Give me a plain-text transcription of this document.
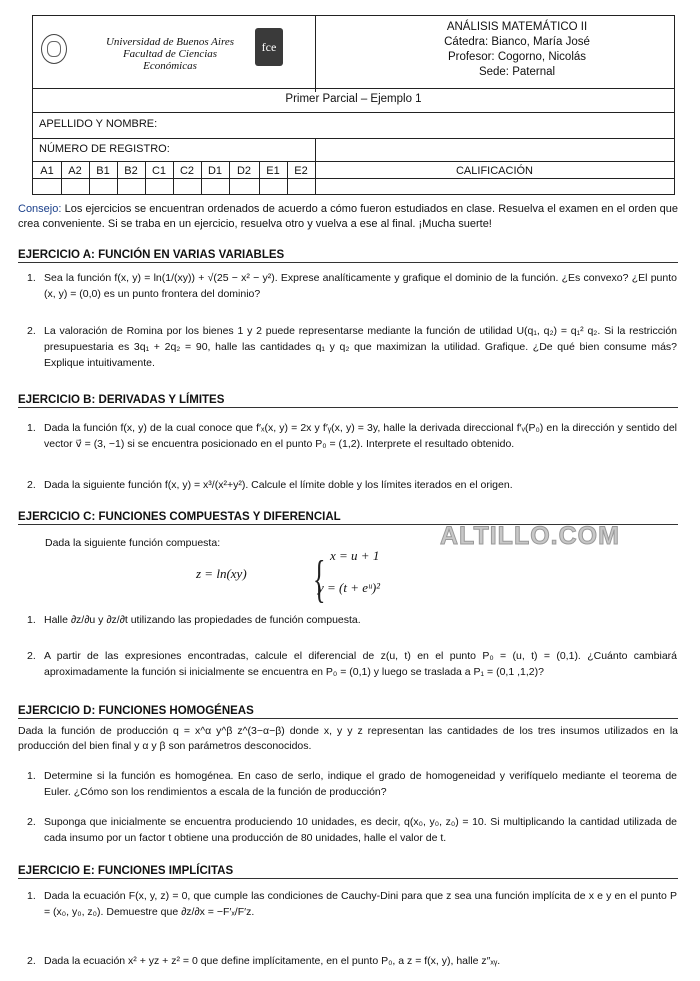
Universidad de Buenos Aires
Facultad de Ciencias
Económicas
fce
ANÁLISIS MATEMÁTICO II
Cátedra: Bianco, María José
Profesor: Cogorno, Nicolás
Sede: Paternal
Primer Parcial – Ejemplo 1
APELLIDO Y NOMBRE:
NÚMERO DE REGISTRO:
A1	A2	B1	B2	C1	C2	D1	D2	E1	E2	CALIFICACIÓN
Consejo: Los ejercicios se encuentran ordenados de acuerdo a cómo fueron estudiados en clase. Resuelva el examen en el orden que crea conveniente. Si se traba en un ejercicio, resuelva otro y vuelva a ese al final. ¡Mucha suerte!
EJERCICIO A: FUNCIÓN EN VARIAS VARIABLES
1. Sea la función f(x, y) = ln(1/(xy)) + √(25 − x² − y²). Exprese analíticamente y grafique el dominio de la función. ¿Es convexo? ¿El punto (x, y) = (0,0) es un punto frontera del dominio?
2. La valoración de Romina por los bienes 1 y 2 puede representarse mediante la función de utilidad U(q₁, q₂) = q₁² q₂. Si la restricción presupuestaria es 3q₁ + 2q₂ = 90, halle las cantidades q₁ y q₂ que maximizan la utilidad. Grafique. ¿De qué bien consume más? Explique intuitivamente.
EJERCICIO B: DERIVADAS Y LÍMITES
1. Dada la función f(x, y) de la cual conoce que f′ₓ(x, y) = 2x y f′ᵧ(x, y) = 3y, halle la derivada direccional f′ᵥ(P₀) en la dirección y sentido del vector v⃗ = (3, −1) si se encuentra posicionado en el punto P₀ = (1,2). Interprete el resultado obtenido.
2. Dada la siguiente función f(x, y) = x³/(x²+y²). Calcule el límite doble y los límites iterados en el origen.
EJERCICIO C: FUNCIONES COMPUESTAS Y DIFERENCIAL
ALTILLO.COM
Dada la siguiente función compuesta:
z = ln(xy) { x = u + 1
y = (t + eᵘ)²
1. Halle ∂z/∂u y ∂z/∂t utilizando las propiedades de función compuesta.
2. A partir de las expresiones encontradas, calcule el diferencial de z(u, t) en el punto P₀ = (u, t) = (0,1). ¿Cuánto cambiará aproximadamente la función si inicialmente se encuentra en P₀ = (0,1) y luego se traslada a P₁ = (0,1 ,1,2)?
EJERCICIO D: FUNCIONES HOMOGÉNEAS
Dada la función de producción q = x^α y^β z^(3−α−β) donde x, y y z representan las cantidades de los tres insumos utilizados en la producción del bien final y α y β son parámetros desconocidos.
1. Determine si la función es homogénea. En caso de serlo, indique el grado de homogeneidad y verifíquelo mediante el teorema de Euler. ¿Cómo son los rendimientos a escala de la función de producción?
2. Suponga que inicialmente se encuentra produciendo 10 unidades, es decir, q(x₀, y₀, z₀) = 10. Si multiplicando la cantidad utilizada de cada insumo por un factor t obtiene una producción de 80 unidades, halle el valor de t.
EJERCICIO E: FUNCIONES IMPLÍCITAS
1. Dada la ecuación F(x, y, z) = 0, que cumple las condiciones de Cauchy-Dini para que z sea una función implícita de x e y en el punto P = (x₀, y₀, z₀). Demuestre que ∂z/∂x = −F′ₓ/F′z.
2. Dada la ecuación x² + yz + z² = 0 que define implícitamente, en el punto P₀, a z = f(x, y), halle z″ₓᵧ.
